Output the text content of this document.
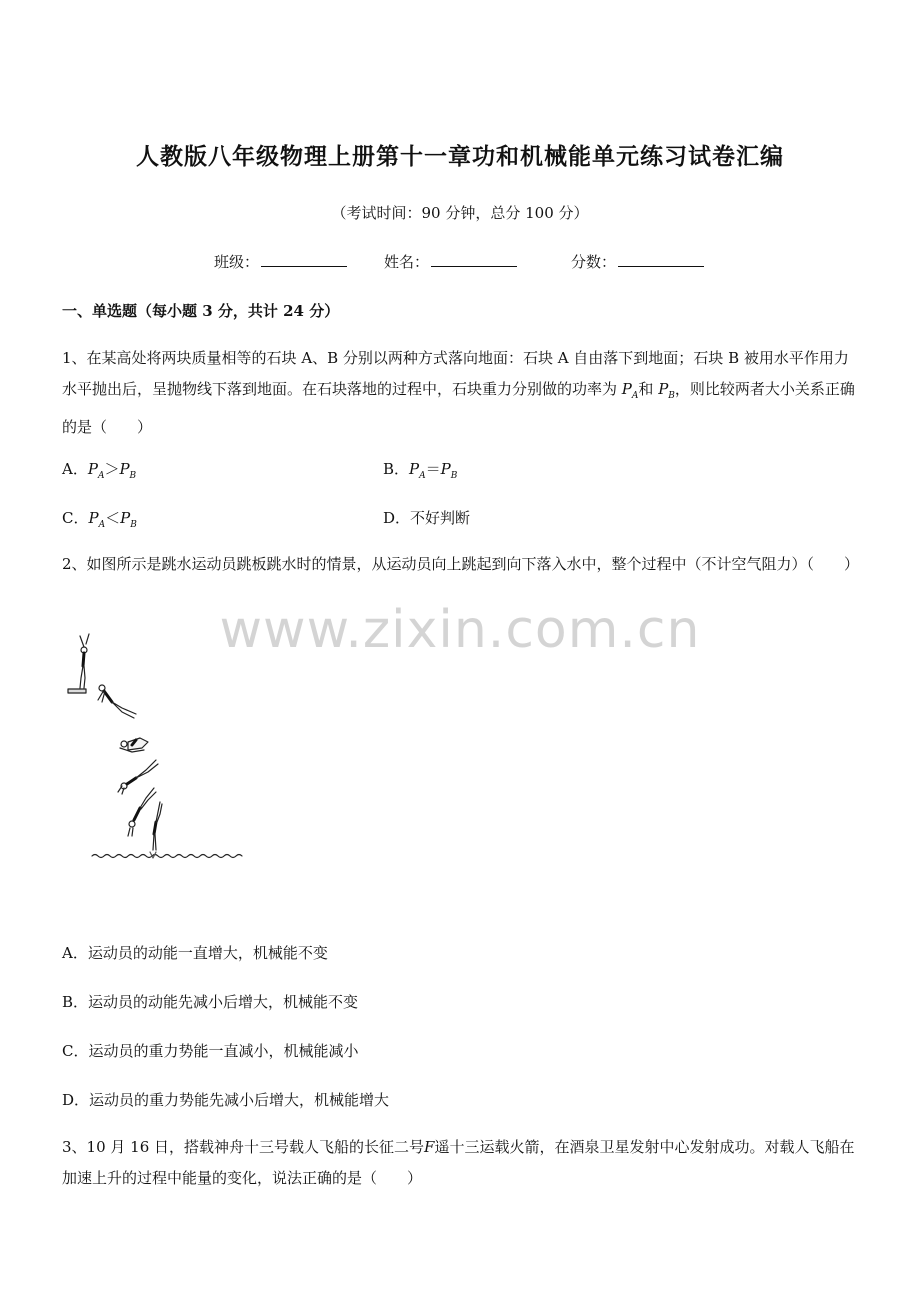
人教版八年级物理上册第十一章功和机械能单元练习试卷汇编
（考试时间：90 分钟，总分 100 分）
班级：	姓名：	分数：
一、单选题（每小题 3 分，共计 24 分）
1、在某高处将两块质量相等的石块 A、B 分别以两种方式落向地面：石块 A 自由落下到地面；石块 B 被用水平作用力水平抛出后，呈抛物线下落到地面。在石块落地的过程中，石块重力分别做的功率为 $P_A$和 $P_B$，则比较两者大小关系正确的是（　　）
A．$P_A>P_B$	B．$P_A=P_B$
C．$P_A<P_B$	D．不好判断
2、如图所示是跳水运动员跳板跳水时的情景，从运动员向上跳起到向下落入水中，整个过程中（不计空气阻力）（　　）
www.zixin.com.cn
A．运动员的动能一直增大，机械能不变
B．运动员的动能先减小后增大，机械能不变
C．运动员的重力势能一直减小，机械能减小
D．运动员的重力势能先减小后增大，机械能增大
3、10 月 16 日，搭载神舟十三号载人飞船的长征二号F遥十三运载火箭，在酒泉卫星发射中心发射成功。对载人飞船在加速上升的过程中能量的变化，说法正确的是（　　）
